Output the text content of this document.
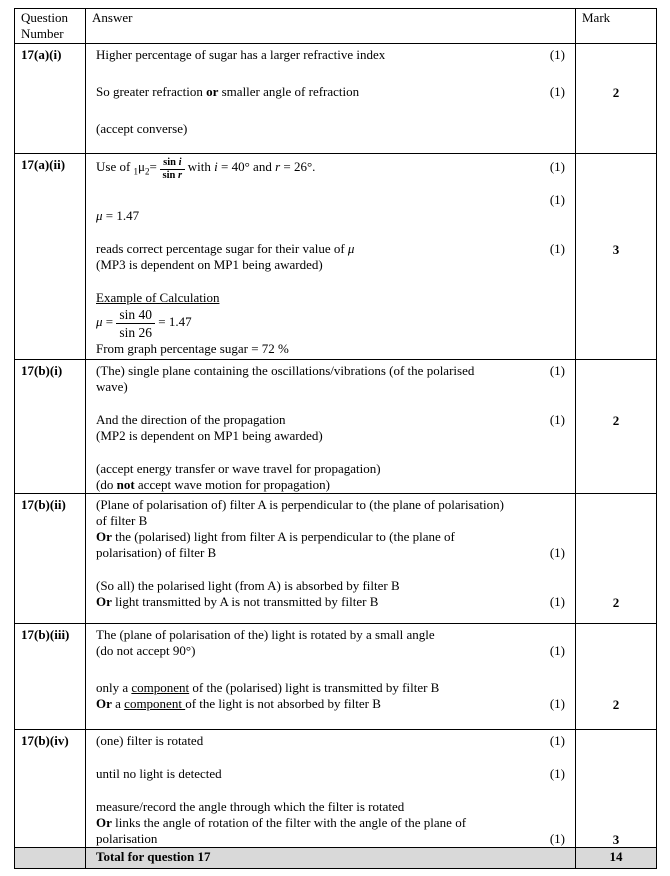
Question Number	Answer	Mark
17(a)(i)	Higher percentage of sugar has a larger refractive index (1)
So greater refraction or smaller angle of refraction (1)
(accept converse)	2

17(a)(ii)	Use of $_1\mu_2= \frac{\text{sin i}}{\text{sin r}}$ with i = 40° and r = 26°.	(1)
(1)
μ = 1.47
reads correct percentage sugar for their value of μ	(1)
(MP3 is dependent on MP1 being awarded)
Example of Calculation
$\mu = \frac{\sin 40}{\sin 26} = 1.47$
From graph percentage sugar = 72 %

3

17(b)(i)	(The) single plane containing the oscillations/vibrations (of the polarised	(1)
wave)
And the direction of the propagation	(1)
(MP2 is dependent on MP1 being awarded)
(accept energy transfer or wave travel for propagation)
(do not accept wave motion for propagation)

2

17(b)(ii)	(Plane of polarisation of) filter A is perpendicular to (the plane of polarisation)
of filter B
Or the (polarised) light from filter A is perpendicular to (the plane of
polarisation) of filter B	(1)
(So all) the polarised light (from A) is absorbed by filter B
Or light transmitted by A is not transmitted by filter B	(1)	2

17(b)(iii)	The (plane of polarisation of the) light is rotated by a small angle
(do not accept 90°)	(1)
only a component of the (polarised) light is transmitted by filter B
Or a component of the light is not absorbed by filter B	(1)	2

17(b)(iv)	(one) filter is rotated	(1)
until no light is detected	(1)
measure/record the angle through which the filter is rotated
Or links the angle of rotation of the filter with the angle of the plane of
polarisation	(1)	3

	Total for question 17	14
